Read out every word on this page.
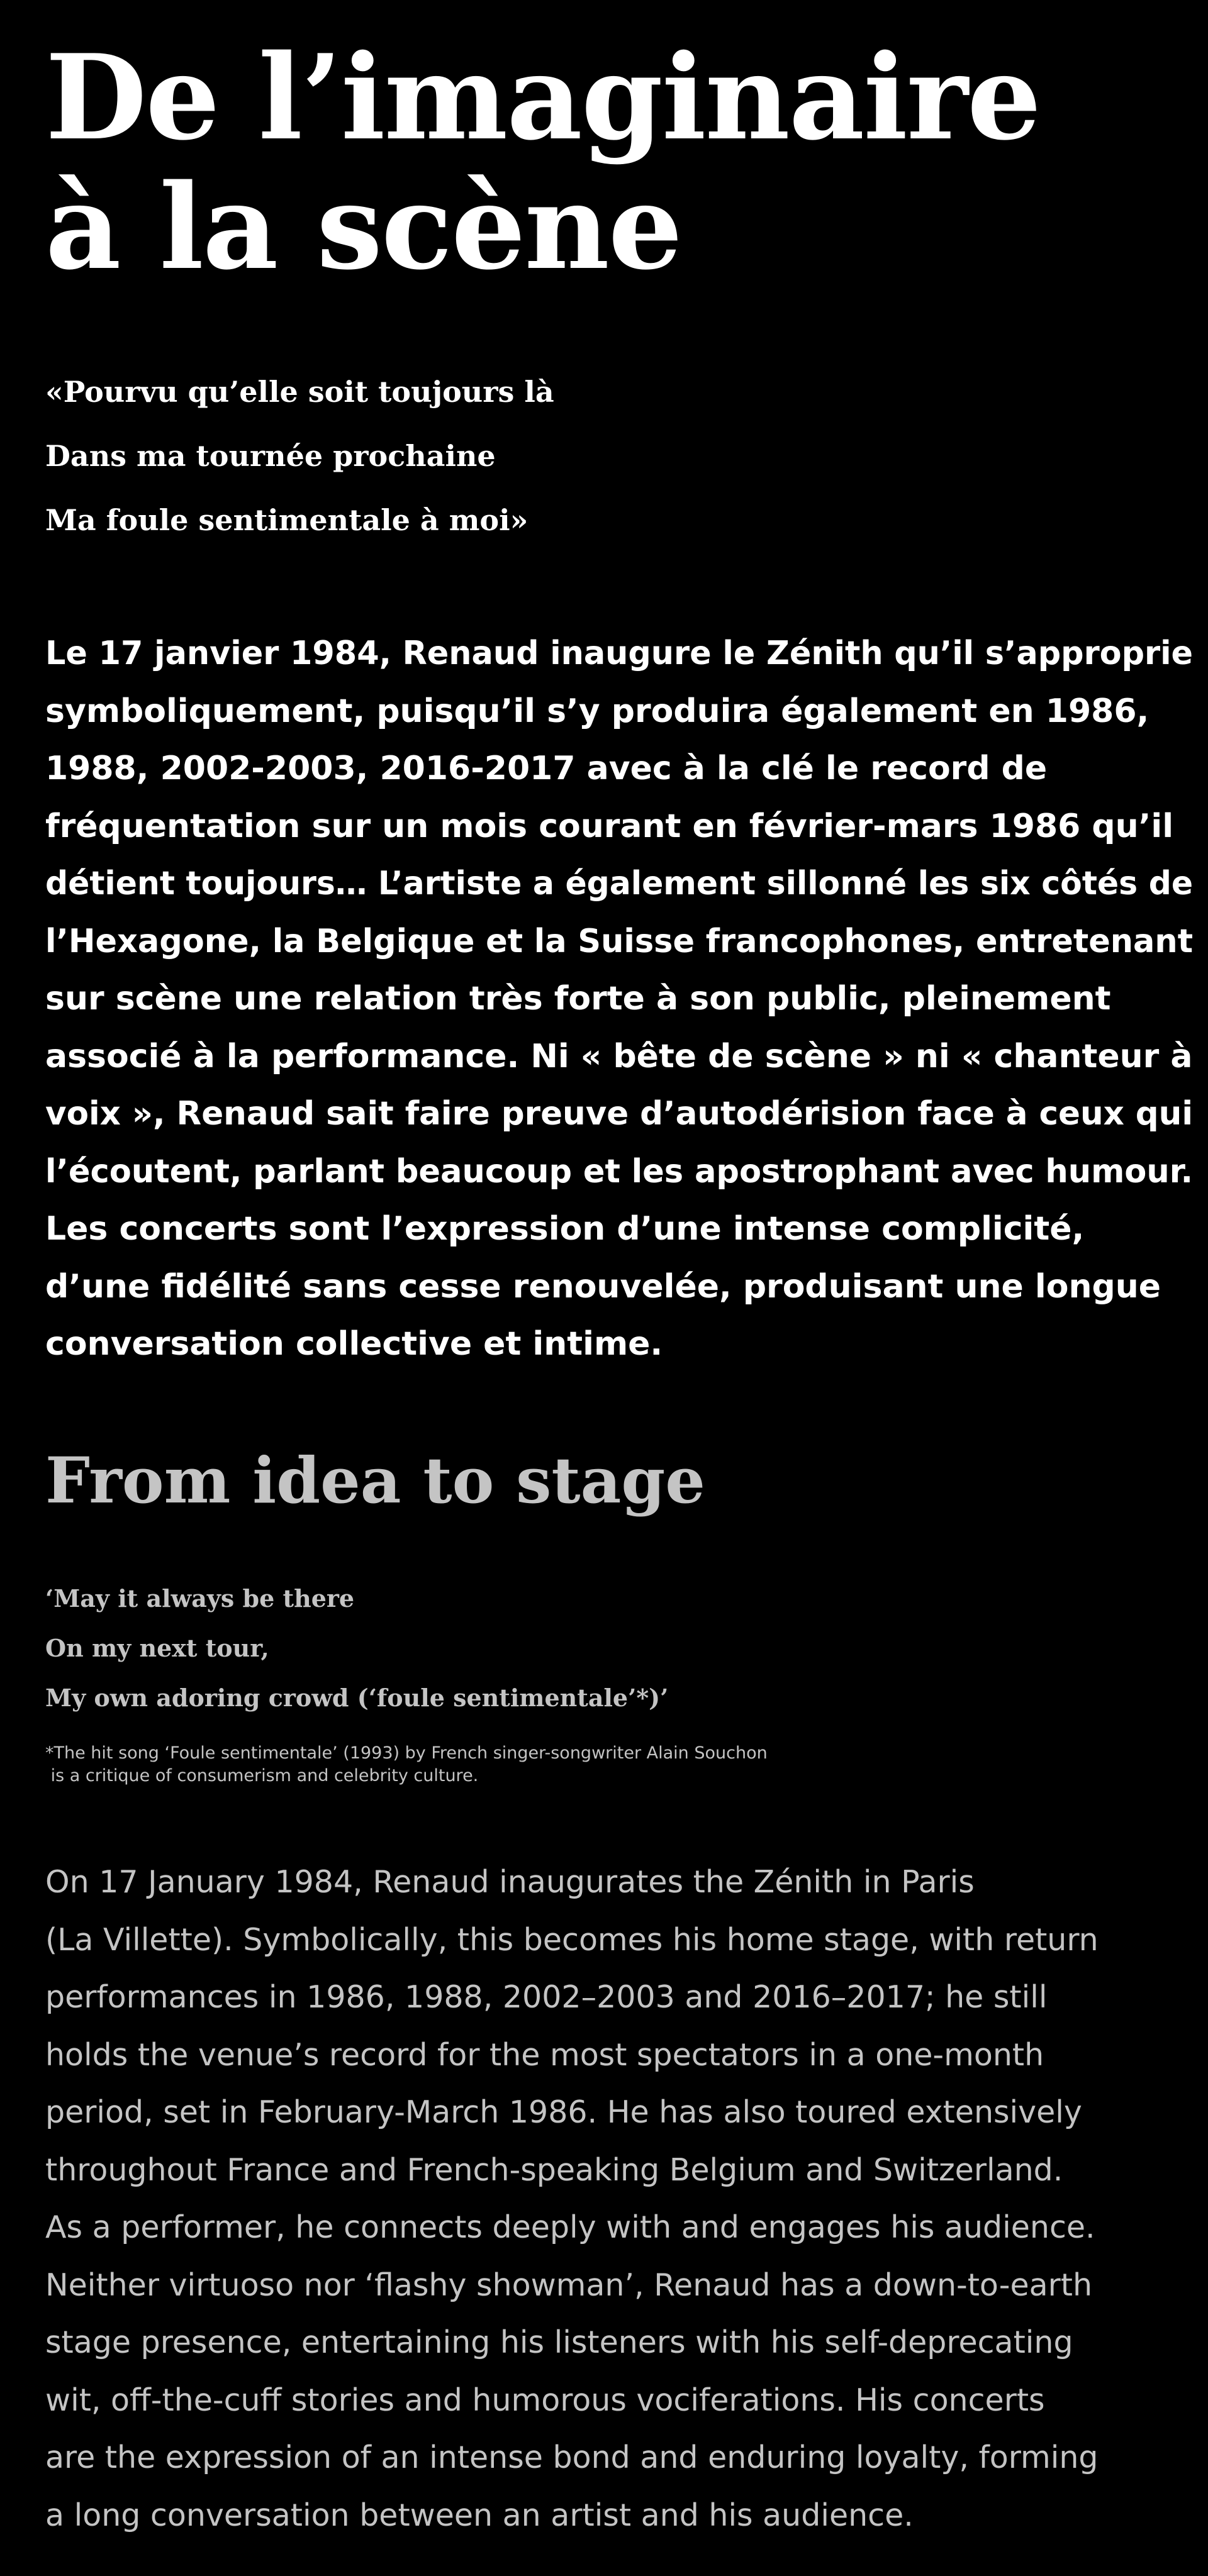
De l’imaginaire
à la scène
«Pourvu qu’elle soit toujours là
Dans ma tournée prochaine
Ma foule sentimentale à moi»
Le 17 janvier 1984, Renaud inaugure le Zénith qu’il s’approprie
symboliquement, puisqu’il s’y produira également en 1986,
1988, 2002-2003, 2016-2017 avec à la clé le record de
fréquentation sur un mois courant en février-mars 1986 qu’il
détient toujours… L’artiste a également sillonné les six côtés de
l’Hexagone, la Belgique et la Suisse francophones, entretenant
sur scène une relation très forte à son public, pleinement
associé à la performance. Ni « bête de scène » ni « chanteur à
voix », Renaud sait faire preuve d’autodérision face à ceux qui
l’écoutent, parlant beaucoup et les apostrophant avec humour.
Les concerts sont l’expression d’une intense complicité,
d’une fidélité sans cesse renouvelée, produisant une longue
conversation collective et intime.
From idea to stage
‘May it always be there
On my next tour,
My own adoring crowd (‘foule sentimentale’*)’
*The hit song ‘Foule sentimentale’ (1993) by French singer-songwriter Alain Souchon
is a critique of consumerism and celebrity culture.
On 17 January 1984, Renaud inaugurates the Zénith in Paris
(La Villette). Symbolically, this becomes his home stage, with return
performances in 1986, 1988, 2002–2003 and 2016–2017; he still
holds the venue’s record for the most spectators in a one-month
period, set in February-March 1986. He has also toured extensively
throughout France and French-speaking Belgium and Switzerland.
As a performer, he connects deeply with and engages his audience.
Neither virtuoso nor ‘flashy showman’, Renaud has a down-to-earth
stage presence, entertaining his listeners with his self-deprecating
wit, off-the-cuff stories and humorous vociferations. His concerts
are the expression of an intense bond and enduring loyalty, forming
a long conversation between an artist and his audience.
